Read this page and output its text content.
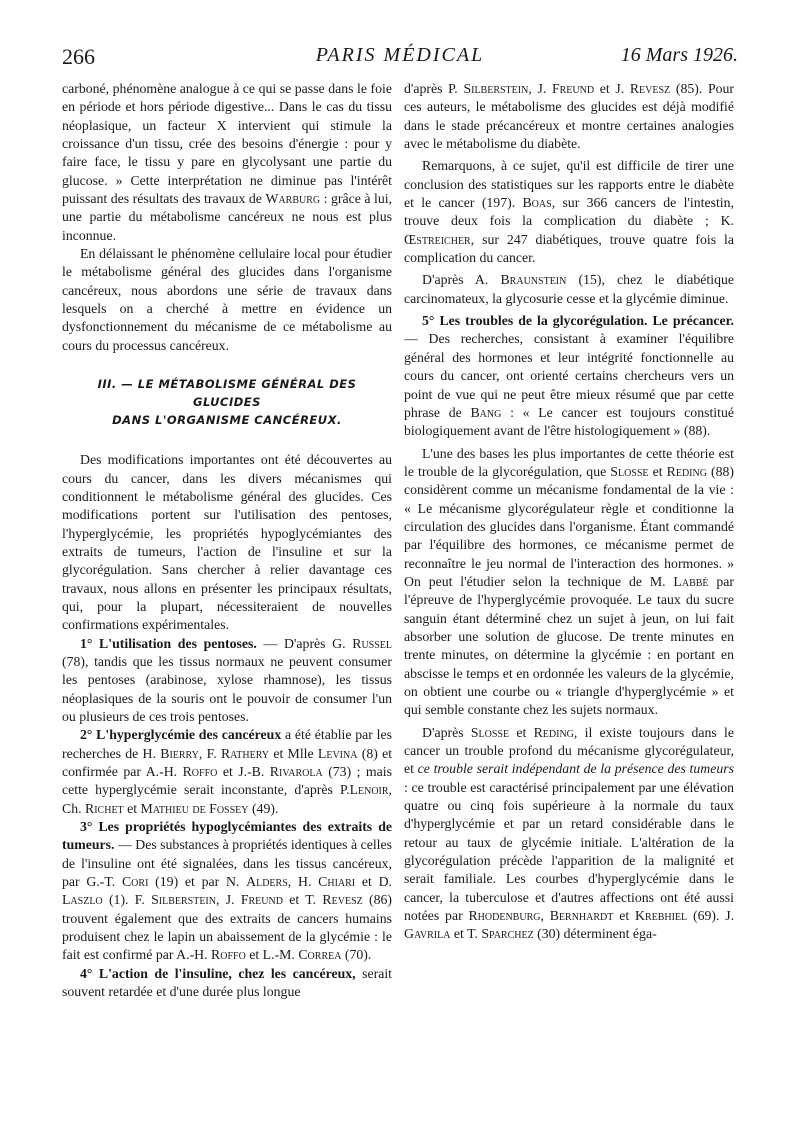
266	PARIS MÉDICAL	16 Mars 1926.

carboné, phénomène analogue à ce qui se passe dans le foie en période et hors période digestive... Dans le cas du tissu néoplasique, un facteur X intervient qui stimule la croissance d'un tissu, crée des besoins d'énergie : pour y faire face, le tissu y pare en glycolysant une partie du glucose. » Cette interprétation ne diminue pas l'intérêt puissant des résultats des travaux de Warburg : grâce à lui, une partie du métabolisme cancéreux ne nous est plus inconnue.

En délaissant le phénomène cellulaire local pour étudier le métabolisme général des glucides dans l'organisme cancéreux, nous abordons une série de travaux dans lesquels on a cherché à mettre en évidence un dysfonctionnement du mécanisme de ce métabolisme au cours du processus cancéreux.

III. — LE MÉTABOLISME GÉNÉRAL DES GLUCIDES
DANS L'ORGANISME CANCÉREUX.

Des modifications importantes ont été découvertes au cours du cancer, dans les divers mécanismes qui conditionnent le métabolisme général des glucides. Ces modifications portent sur l'utilisation des pentoses, l'hyperglycémie, les propriétés hypoglycémiantes des extraits de tumeurs, l'action de l'insuline et sur la glycorégulation. Sans chercher à relier davantage ces travaux, nous allons en présenter les principaux résultats, qui, pour la plupart, nécessiteraient de nouvelles confirmations expérimentales.

1° L'utilisation des pentoses. — D'après G. Russel (78), tandis que les tissus normaux ne peuvent consumer les pentoses (arabinose, xylose rhamnose), les tissus néoplasiques de la souris ont le pouvoir de consumer l'un ou plusieurs de ces trois pentoses.

2° L'hyperglycémie des cancéreux a été établie par les recherches de H. Bierry, F. Rathery et Mlle Levina (8) et confirmée par A.-H. Roffo et J.-B. Rivarola (73) ; mais cette hyperglycémie serait inconstante, d'après P.Lenoir, Ch. Richet et Mathieu de Fossey (49).

3° Les propriétés hypoglycémiantes des extraits de tumeurs. — Des substances à propriétés identiques à celles de l'insuline ont été signalées, dans les tissus cancéreux, par G.-T. Cori (19) et par N. Alders, H. Chiari et D. Laszlo (1). F. Silberstein, J. Freund et T. Revesz (86) trouvent également que des extraits de cancers humains produisent chez le lapin un abaissement de la glycémie : le fait est confirmé par A.-H. Roffo et L.-M. Correa (70).

4° L'action de l'insuline, chez les cancéreux, serait souvent retardée et d'une durée plus longue

d'après P. Silberstein, J. Freund et J. Revesz (85). Pour ces auteurs, le métabolisme des glucides est déjà modifié dans le stade précancéreux et montre certaines analogies avec le métabolisme du diabète.

Remarquons, à ce sujet, qu'il est difficile de tirer une conclusion des statistiques sur les rapports entre le diabète et le cancer (197). Boas, sur 366 cancers de l'intestin, trouve deux fois la complication du diabète ; K. Œstreicher, sur 247 diabétiques, trouve quatre fois la complication du cancer.

D'après A. Braunstein (15), chez le diabétique carcinomateux, la glycosurie cesse et la glycémie diminue.

5° Les troubles de la glycorégulation. Le précancer. — Des recherches, consistant à examiner l'équilibre général des hormones et leur intégrité fonctionnelle au cours du cancer, ont orienté certains chercheurs vers un point de vue qui ne peut être mieux résumé que par cette phrase de Bang : « Le cancer est toujours constitué biologiquement avant de l'être histologiquement » (88).

L'une des bases les plus importantes de cette théorie est le trouble de la glycorégulation, que Slosse et Reding (88) considèrent comme un mécanisme fondamental de la vie : « Le mécanisme glycorégulateur règle et conditionne la circulation des glucides dans l'organisme. Étant commandé par l'équilibre des hormones, ce mécanisme permet de reconnaître le jeu normal de l'interaction des hormones. » On peut l'étudier selon la technique de M. Labbé par l'épreuve de l'hyperglycémie provoquée. Le taux du sucre sanguin étant déterminé chez un sujet à jeun, on lui fait absorber une solution de glucose. De trente minutes en trente minutes, on détermine la glycémie : en portant en abscisse le temps et en ordonnée les valeurs de la glycémie, on obtient une courbe ou « triangle d'hyperglycémie » et qui semble constante chez les sujets normaux.

D'après Slosse et Reding, il existe toujours dans le cancer un trouble profond du mécanisme glycorégulateur, et ce trouble serait indépendant de la présence des tumeurs : ce trouble est caractérisé principalement par une élévation quatre ou cinq fois supérieure à la normale du taux d'hyperglycémie et par un retard considérable dans le retour au taux de glycémie initiale. L'altération de la glycorégulation précède l'apparition de la malignité et serait familiale. Les courbes d'hyperglycémie dans le cancer, la tuberculose et d'autres affections ont été aussi notées par Rhodenburg, Bernhardt et Krebhiel (69). J. Gavrila et T. Sparchez (30) déterminent éga-
